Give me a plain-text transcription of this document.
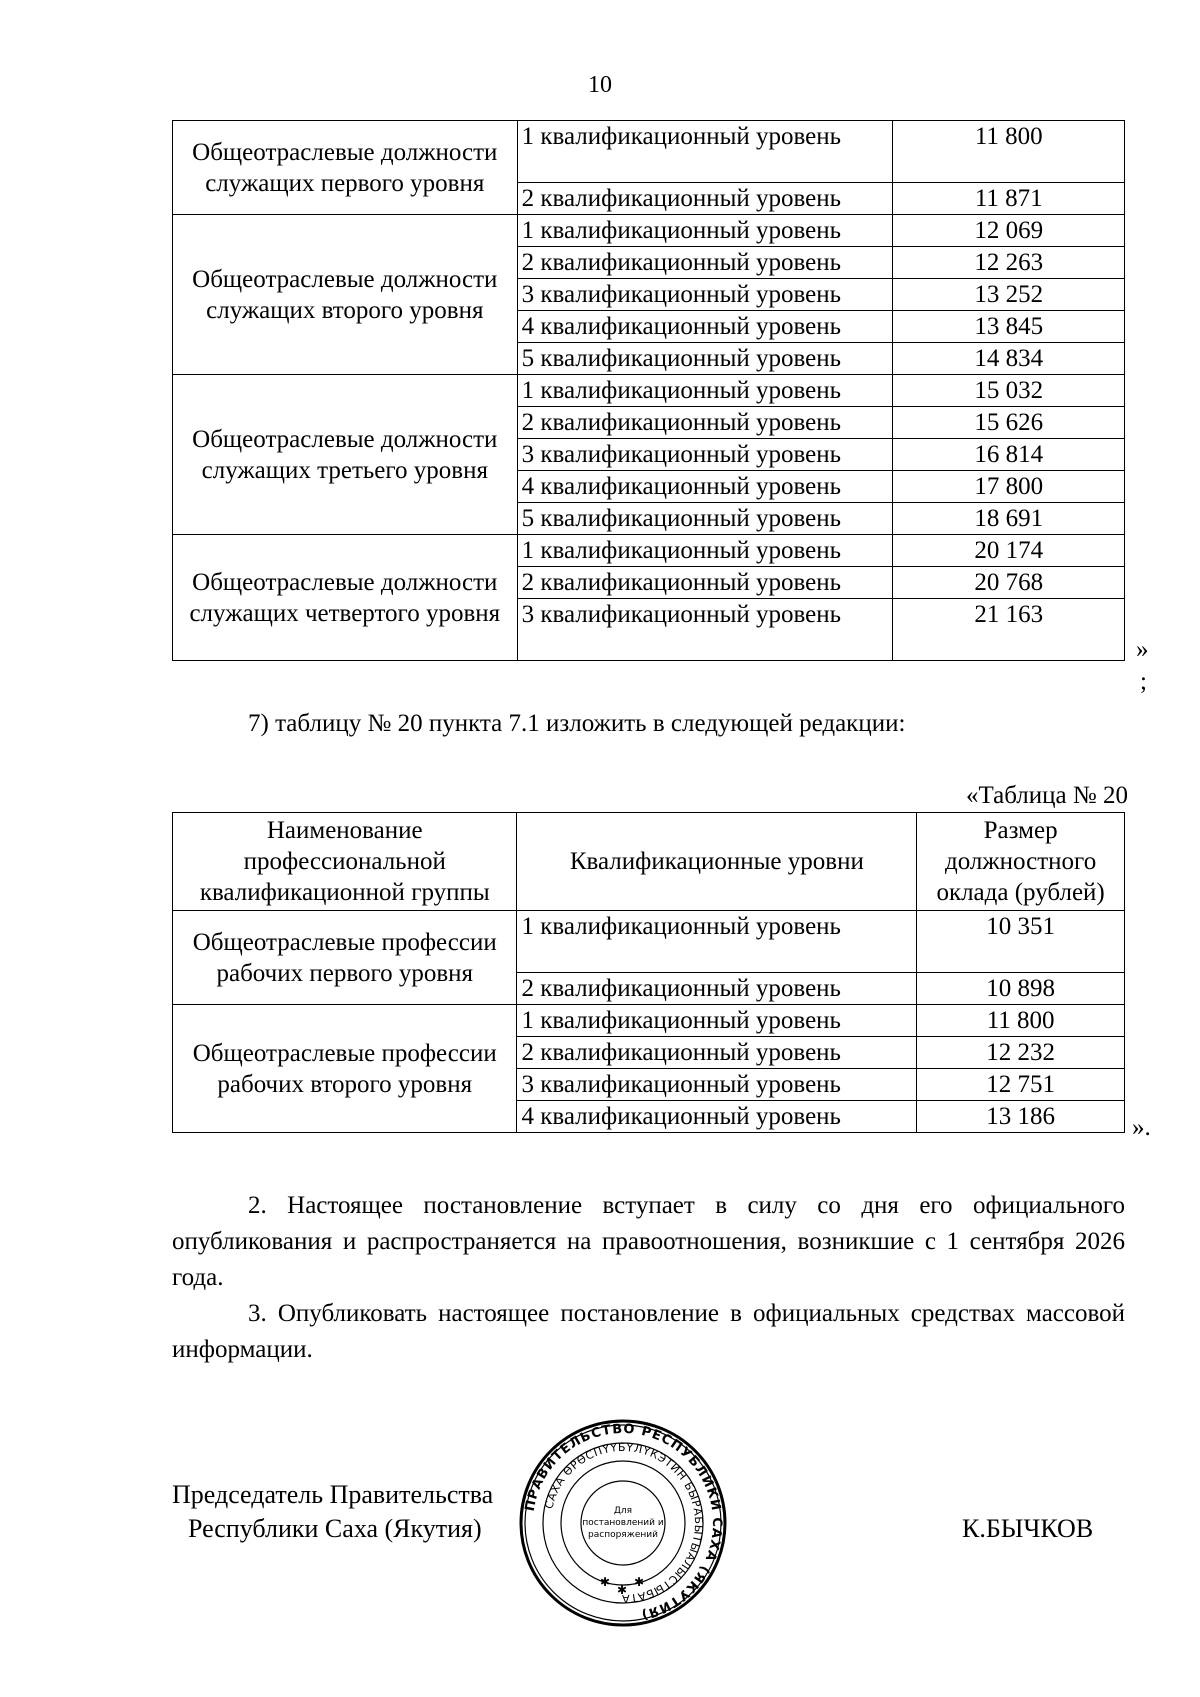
10
Общеотраслевые должности служащих первого уровня	1 квалификационный уровень	11 800
	2 квалификационный уровень	11 871
Общеотраслевые должности служащих второго уровня	1 квалификационный уровень	12 069
	2 квалификационный уровень	12 263
	3 квалификационный уровень	13 252
	4 квалификационный уровень	13 845
	5 квалификационный уровень	14 834
Общеотраслевые должности служащих третьего уровня	1 квалификационный уровень	15 032
	2 квалификационный уровень	15 626
	3 квалификационный уровень	16 814
	4 квалификационный уровень	17 800
	5 квалификационный уровень	18 691
Общеотраслевые должности служащих четвертого уровня	1 квалификационный уровень	20 174
	2 квалификационный уровень	20 768
	3 квалификационный уровень	21 163
»
;
7) таблицу № 20 пункта 7.1 изложить в следующей редакции:
«Таблица № 20
Наименование профессиональной квалификационной группы	Квалификационные уровни	Размер должностного оклада (рублей)
Общеотраслевые профессии рабочих первого уровня	1 квалификационный уровень	10 351
	2 квалификационный уровень	10 898
Общеотраслевые профессии рабочих второго уровня	1 квалификационный уровень	11 800
	2 квалификационный уровень	12 232
	3 квалификационный уровень	12 751
	4 квалификационный уровень	13 186	».
2. Настоящее постановление вступает в силу со дня его официального опубликования и распространяется на правоотношения, возникшие с 1 сентября 2026 года.
3. Опубликовать настоящее постановление в официальных средствах массовой информации.
Председатель Правительства
Республики Саха (Якутия)	К.БЫЧКОВ
ПРАВИТЕЛЬСТВО РЕСПУБЛИКИ САХА (ЯКУТИЯ)
САХА ӨРӨСПҮҮБҮЛҮКЭТИН БЫРАБЫТЫАЛЫСТЫБАТА
Для
постановлений и
распоряжений
✱
✱
✱
